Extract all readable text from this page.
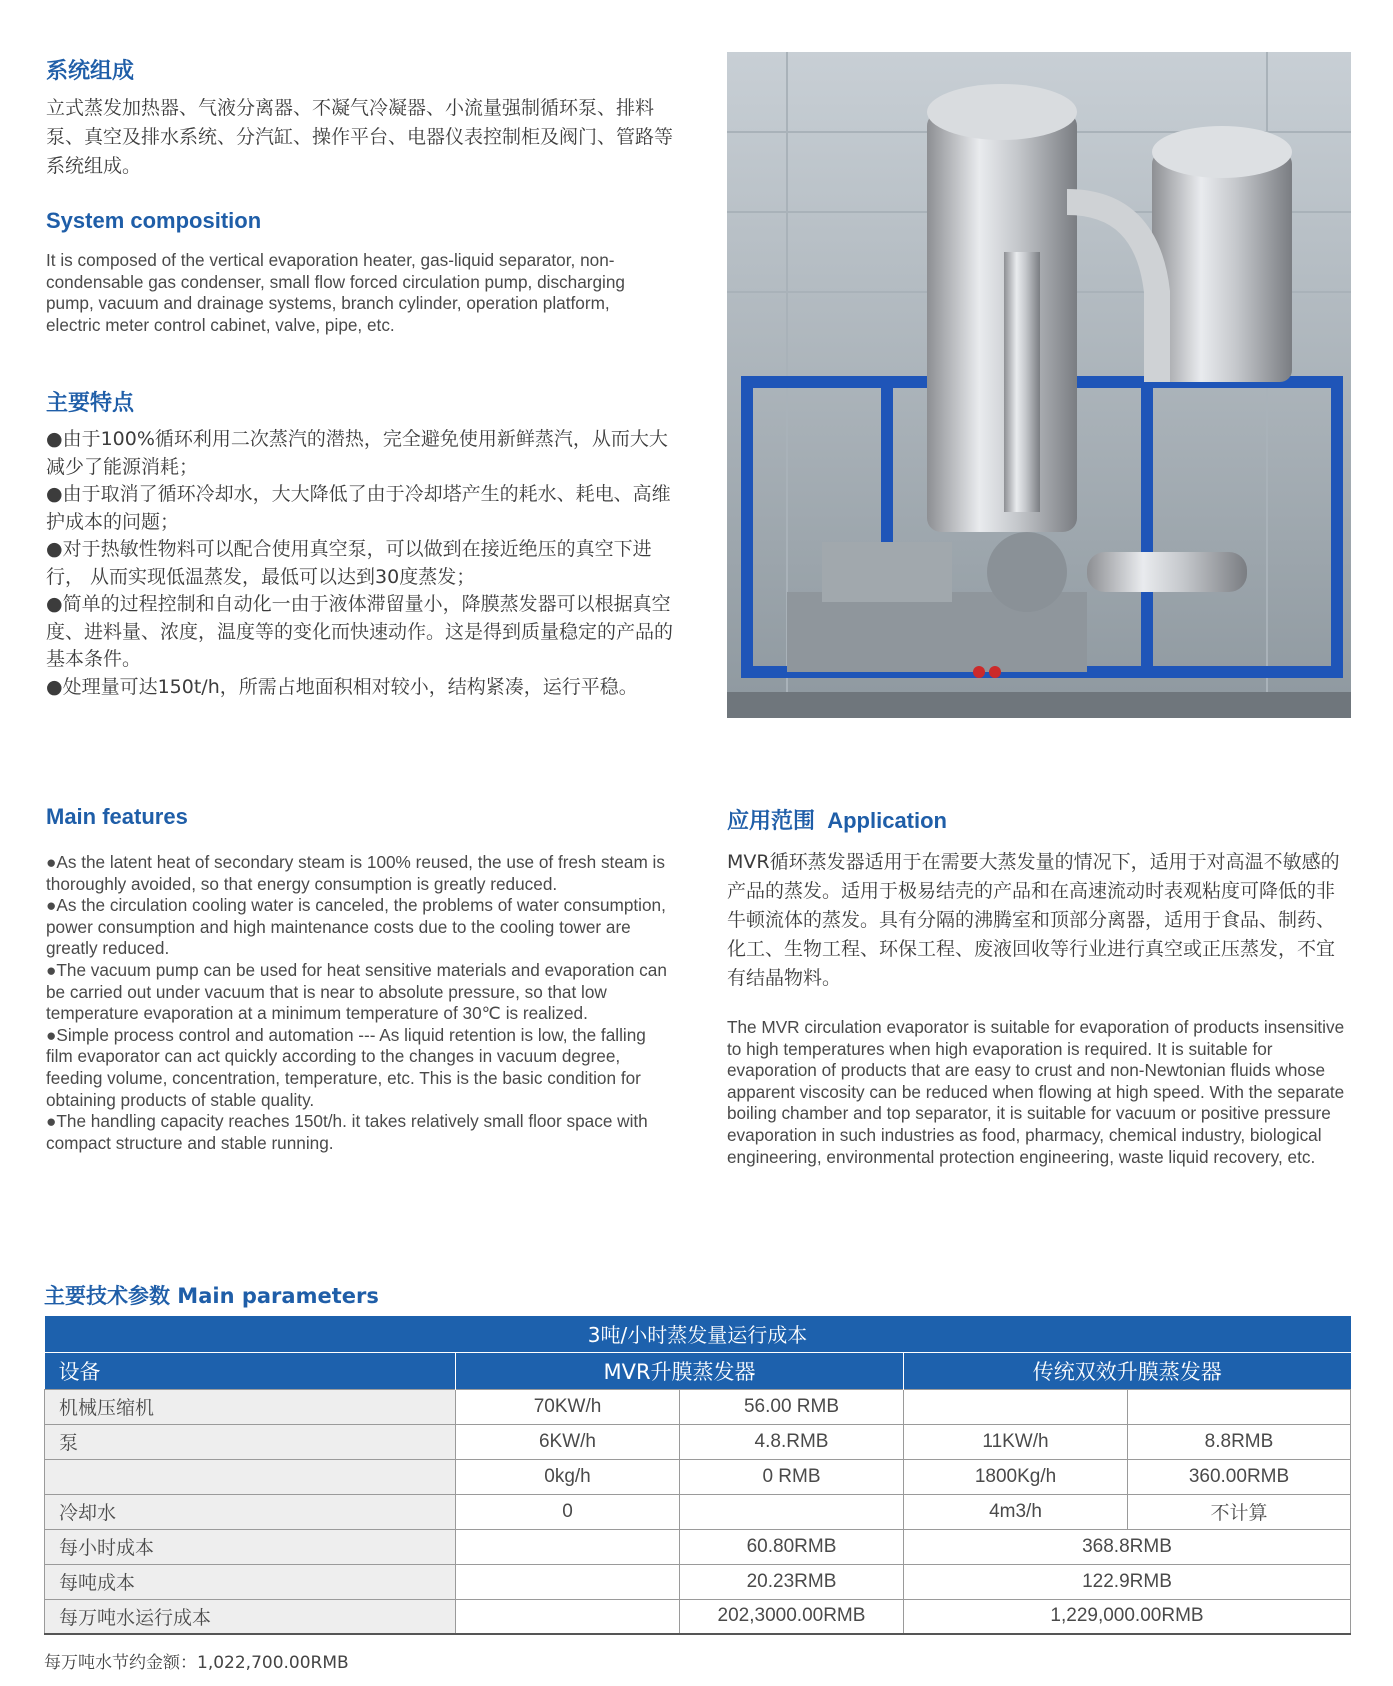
系统组成
立式蒸发加热器、气液分离器、不凝气冷凝器、小流量强制循环泵、排料泵、真空及排水系统、分汽缸、操作平台、电器仪表控制柜及阀门、管路等系统组成。
System composition
It is composed of the vertical evaporation heater, gas-liquid separator, non-condensable gas condenser, small flow forced circulation pump, discharging pump, vacuum and drainage systems, branch cylinder, operation platform, electric meter control cabinet, valve, pipe, etc.
主要特点

●由于100%循环利用二次蒸汽的潜热，完全避免使用新鲜蒸汽，从而大大减少了能源消耗；

●由于取消了循环冷却水，大大降低了由于冷却塔产生的耗水、耗电、高维护成本的问题；

●对于热敏性物料可以配合使用真空泵，可以做到在接近绝压的真空下进行， 从而实现低温蒸发，最低可以达到30度蒸发；

●简单的过程控制和自动化一由于液体滞留量小，降膜蒸发器可以根据真空度、进料量、浓度，温度等的变化而快速动作。这是得到质量稳定的产品的基本条件。

●处理量可达150t/h，所需占地面积相对较小，结构紧凑，运行平稳。

Main features

●As the latent heat of secondary steam is 100% reused, the use of fresh steam is thoroughly avoided, so that energy consumption is greatly reduced.

●As the circulation cooling water is canceled, the problems of water consumption, power consumption and high maintenance costs due to the cooling tower are greatly reduced.

●The vacuum pump can be used for heat sensitive materials and evaporation can be carried out under vacuum that is near to absolute pressure, so that low temperature evaporation at a minimum temperature of 30℃ is realized.

●Simple process control and automation --- As liquid retention is low, the falling film evaporator can act quickly according to the changes in vacuum degree, feeding volume, concentration, temperature, etc. This is the basic condition for obtaining products of stable quality.

●The handling capacity reaches 150t/h. it takes relatively small floor space with compact structure and stable running.

应用范围  Application
MVR循环蒸发器适用于在需要大蒸发量的情况下，适用于对高温不敏感的产品的蒸发。适用于极易结壳的产品和在高速流动时表观粘度可降低的非牛顿流体的蒸发。具有分隔的沸腾室和顶部分离器，适用于食品、制药、化工、生物工程、环保工程、废液回收等行业进行真空或正压蒸发，不宜有结晶物料。
The MVR circulation evaporator is suitable for evaporation of products insensitive to high temperatures when high evaporation is required. It is suitable for evaporation of products that are easy to crust and non-Newtonian fluids whose apparent viscosity can be reduced when flowing at high speed. With the separate boiling chamber and top separator, it is suitable for vacuum or positive pressure evaporation in such industries as food, pharmacy, chemical industry, biological engineering, environmental protection engineering, waste liquid recovery, etc.
主要技术参数 Main parameters
3吨/小时蒸发量运行成本				
设备	MVR升膜蒸发器		传统双效升膜蒸发器	
机械压缩机	70KW/h	56.00 RMB		
泵	6KW/h	4.8.RMB	11KW/h	8.8RMB
	0kg/h	0 RMB	1800Kg/h	360.00RMB
冷却水	0		4m3/h	不计算
每小时成本		60.80RMB	368.8RMB	
每吨成本		20.23RMB	122.9RMB	
每万吨水运行成本		202,3000.00RMB	1,229,000.00RMB	
每万吨水节约金额：1,022,700.00RMB
